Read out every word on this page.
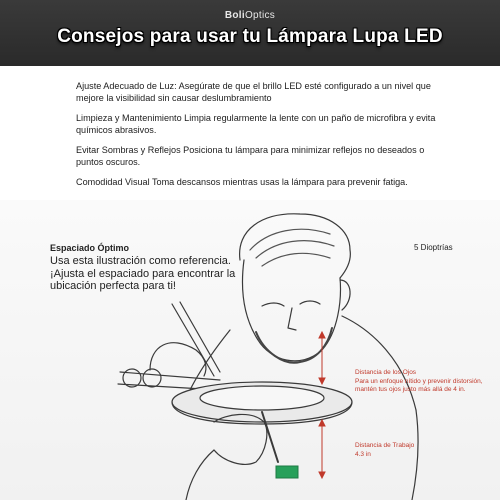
BoliOptics
Consejos para usar tu Lámpara Lupa LED

Ajuste Adecuado de Luz: Asegúrate de que el brillo LED esté configurado a un nivel que mejore la visibilidad sin causar deslumbramiento

Limpieza y Mantenimiento Limpia regularmente la lente con un paño de microfibra y evita químicos abrasivos.

Evitar Sombras y Reflejos Posiciona tu lámpara para minimizar reflejos no deseados o puntos oscuros.

Comodidad Visual Toma descansos mientras usas la lámpara para prevenir fatiga.

Espaciado Óptimo
Usa esta ilustración como referencia. ¡Ajusta el espaciado para encontrar la ubicación perfecta para ti!
5 Dioptrías
Distancia de los Ojos
Para un enfoque nítido y prevenir distorsión, mantén tus ojos justo más allá de 4 in.
Distancia de Trabajo
4.3 in
